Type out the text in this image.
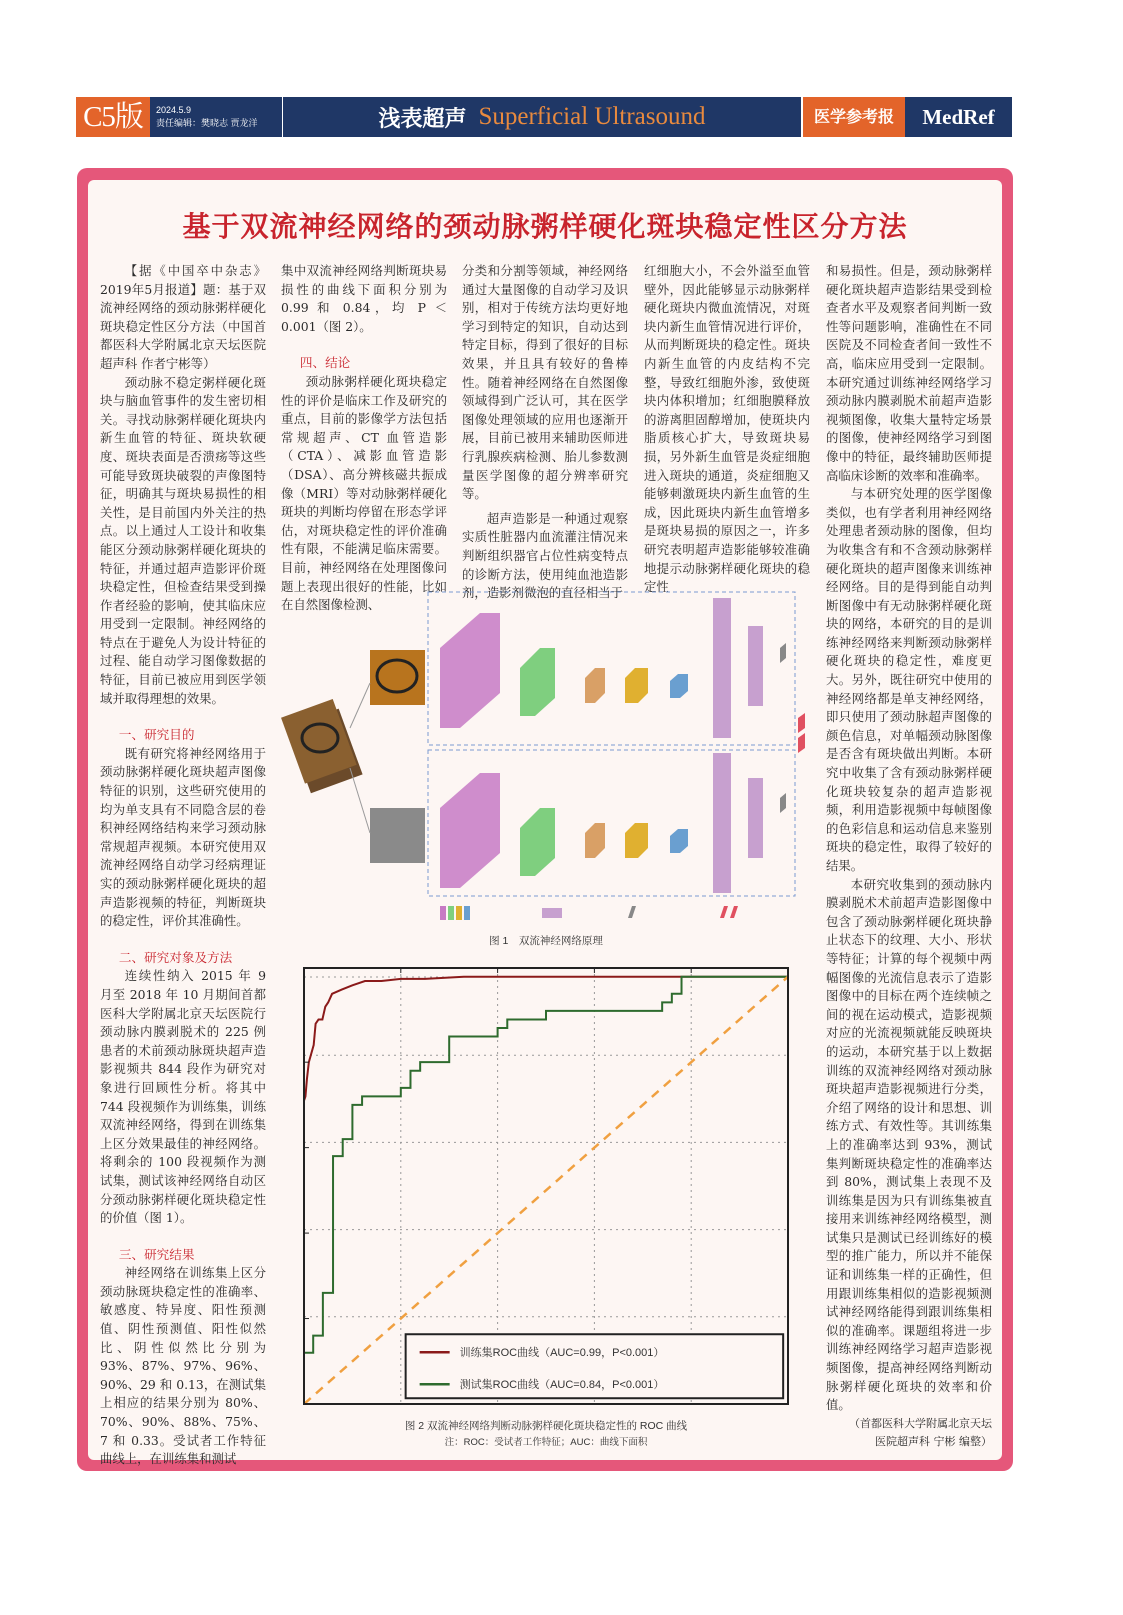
C5版	2024.5.9
责任编辑：樊晓志 贾龙洋	浅表超声 Superficial Ultrasound	医学参考报	MedRef
基于双流神经网络的颈动脉粥样硬化斑块稳定性区分方法

【据《中国卒中杂志》2019年5月报道】题：基于双流神经网络的颈动脉粥样硬化斑块稳定性区分方法（中国首都医科大学附属北京天坛医院超声科 作者宁彬等）

颈动脉不稳定粥样硬化斑块与脑血管事件的发生密切相关。寻找动脉粥样硬化斑块内新生血管的特征、斑块软硬度、斑块表面是否溃疡等这些可能导致斑块破裂的声像图特征，明确其与斑块易损性的相关性，是目前国内外关注的热点。以上通过人工设计和收集能区分颈动脉粥样硬化斑块的特征，并通过超声造影评价斑块稳定性，但检查结果受到操作者经验的影响，使其临床应用受到一定限制。神经网络的特点在于避免人为设计特征的过程、能自动学习图像数据的特征，目前已被应用到医学领域并取得理想的效果。

一、研究目的

既有研究将神经网络用于颈动脉粥样硬化斑块超声图像特征的识别，这些研究使用的均为单支具有不同隐含层的卷积神经网络结构来学习颈动脉常规超声视频。本研究使用双流神经网络自动学习经病理证实的颈动脉粥样硬化斑块的超声造影视频的特征，判断斑块的稳定性，评价其准确性。

二、研究对象及方法

连续性纳入 2015 年 9 月至 2018 年 10 月期间首都医科大学附属北京天坛医院行颈动脉内膜剥脱术的 225 例患者的术前颈动脉斑块超声造影视频共 844 段作为研究对象进行回顾性分析。将其中 744 段视频作为训练集，训练双流神经网络，得到在训练集上区分效果最佳的神经网络。将剩余的 100 段视频作为测试集，测试该神经网络自动区分颈动脉粥样硬化斑块稳定性的价值（图 1）。

三、研究结果

神经网络在训练集上区分颈动脉斑块稳定性的准确率、敏感度、特异度、阳性预测值、阴性预测值、阳性似然比、阴性似然比分别为 93%、87%、97%、96%、90%、29 和 0.13，在测试集上相应的结果分别为 80%、70%、90%、88%、75%、7 和 0.33。受试者工作特征曲线上，在训练集和测试

集中双流神经网络判断斑块易损性的曲线下面积分别为 0.99 和 0.84，均 P ＜ 0.001（图 2）。

四、结论

颈动脉粥样硬化斑块稳定性的评价是临床工作及研究的重点，目前的影像学方法包括常规超声、CT 血管造影（CTA）、减影血管造影（DSA）、高分辨核磁共振成像（MRI）等对动脉粥样硬化斑块的判断均停留在形态学评估，对斑块稳定性的评价准确性有限，不能满足临床需要。目前，神经网络在处理图像问题上表现出很好的性能，比如在自然图像检测、

分类和分割等领域，神经网络通过大量图像的自动学习及识别，相对于传统方法均更好地学习到特定的知识，自动达到特定目标，得到了很好的目标效果，并且具有较好的鲁棒性。随着神经网络在自然图像领域得到广泛认可，其在医学图像处理领域的应用也逐渐开展，目前已被用来辅助医师进行乳腺疾病检测、胎儿参数测量医学图像的超分辨率研究等。

超声造影是一种通过观察实质性脏器内血流灌注情况来判断组织器官占位性病变特点的诊断方法，使用纯血池造影剂，造影剂微泡的直径相当于

红细胞大小，不会外溢至血管壁外，因此能够显示动脉粥样硬化斑块内微血流情况，对斑块内新生血管情况进行评价，从而判断斑块的稳定性。斑块内新生血管的内皮结构不完整，导致红细胞外渗，致使斑块内体积增加；红细胞膜释放的游离胆固醇增加，使斑块内脂质核心扩大，导致斑块易损，另外新生血管是炎症细胞进入斑块的通道，炎症细胞又能够刺激斑块内新生血管的生成，因此斑块内新生血管增多是斑块易损的原因之一，许多研究表明超声造影能够较准确地提示动脉粥样硬化斑块的稳定性

和易损性。但是，颈动脉粥样硬化斑块超声造影结果受到检查者水平及观察者间判断一致性等问题影响，准确性在不同医院及不同检查者间一致性不高，临床应用受到一定限制。本研究通过训练神经网络学习颈动脉内膜剥脱术前超声造影视频图像，收集大量特定场景的图像，使神经网络学习到图像中的特征，最终辅助医师提高临床诊断的效率和准确率。

与本研究处理的医学图像类似，也有学者利用神经网络处理患者颈动脉的图像，但均为收集含有和不含颈动脉粥样硬化斑块的超声图像来训练神经网络。目的是得到能自动判断图像中有无动脉粥样硬化斑块的网络，本研究的目的是训练神经网络来判断颈动脉粥样硬化斑块的稳定性，难度更大。另外，既往研究中使用的神经网络都是单支神经网络，即只使用了颈动脉超声图像的颜色信息，对单幅颈动脉图像是否含有斑块做出判断。本研究中收集了含有颈动脉粥样硬化斑块较复杂的超声造影视频，利用造影视频中每帧图像的色彩信息和运动信息来鉴别斑块的稳定性，取得了较好的结果。

本研究收集到的颈动脉内膜剥脱术术前超声造影图像中包含了颈动脉粥样硬化斑块静止状态下的纹理、大小、形状等特征；计算的每个视频中两幅图像的光流信息表示了造影图像中的目标在两个连续帧之间的视在运动模式，造影视频对应的光流视频就能反映斑块的运动，本研究基于以上数据训练的双流神经网络对颈动脉斑块超声造影视频进行分类，介绍了网络的设计和思想、训练方式、有效性等。其训练集上的准确率达到 93%，测试集判断斑块稳定性的准确率达到 80%，测试集上表现不及训练集是因为只有训练集被直接用来训练神经网络模型，测试集只是测试已经训练好的模型的推广能力，所以并不能保证和训练集一样的正确性，但用跟训练集相似的造影视频测试神经网络能得到跟训练集相似的准确率。课题组将进一步训练神经网络学习超声造影视频图像，提高神经网络判断动脉粥样硬化斑块的效率和价值。

（首都医科大学附属北京天坛
医院超声科 宁彬 编整）
图 1　双流神经网络原理
训练集ROC曲线（AUC=0.99，P<0.001）
测试集ROC曲线（AUC=0.84，P<0.001）
图 2 双流神经网络判断动脉粥样硬化斑块稳定性的 ROC 曲线
注：ROC：受试者工作特征；AUC：曲线下面积
